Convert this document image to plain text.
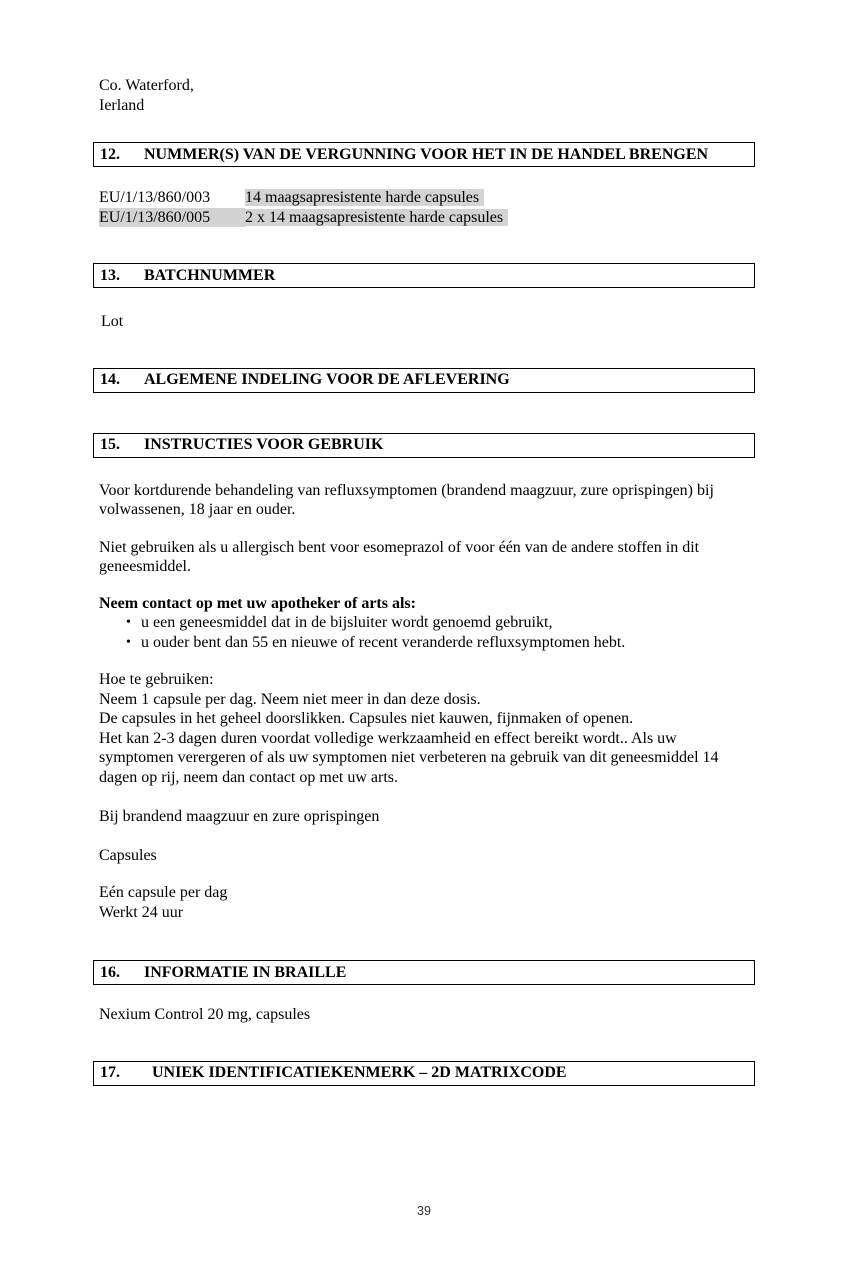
Co. Waterford,
Ierland
12.	NUMMER(S) VAN DE VERGUNNING VOOR HET IN DE HANDEL BRENGEN
EU/1/13/860/003 14 maagsapresistente harde capsules
EU/1/13/860/005 2 x 14 maagsapresistente harde capsules
13.	BATCHNUMMER
Lot
14.	ALGEMENE INDELING VOOR DE AFLEVERING
15.	INSTRUCTIES VOOR GEBRUIK
Voor kortdurende behandeling van refluxsymptomen (brandend maagzuur, zure oprispingen) bij volwassenen, 18 jaar en ouder.
Niet gebruiken als u allergisch bent voor esomeprazol of voor één van de andere stoffen in dit geneesmiddel.
Neem contact op met uw apotheker of arts als:
• u een geneesmiddel dat in de bijsluiter wordt genoemd gebruikt,
• u ouder bent dan 55 en nieuwe of recent veranderde refluxsymptomen hebt.
Hoe te gebruiken:
Neem 1 capsule per dag. Neem niet meer in dan deze dosis.
De capsules in het geheel doorslikken. Capsules niet kauwen, fijnmaken of openen.
Het kan 2-3 dagen duren voordat volledige werkzaamheid en effect bereikt wordt.. Als uw symptomen verergeren of als uw symptomen niet verbeteren na gebruik van dit geneesmiddel 14 dagen op rij, neem dan contact op met uw arts.
Bij brandend maagzuur en zure oprispingen
Capsules
Eén capsule per dag
Werkt 24 uur
16.	INFORMATIE IN BRAILLE
Nexium Control 20 mg, capsules
17.	UNIEK IDENTIFICATIEKENMERK – 2D MATRIXCODE
39
